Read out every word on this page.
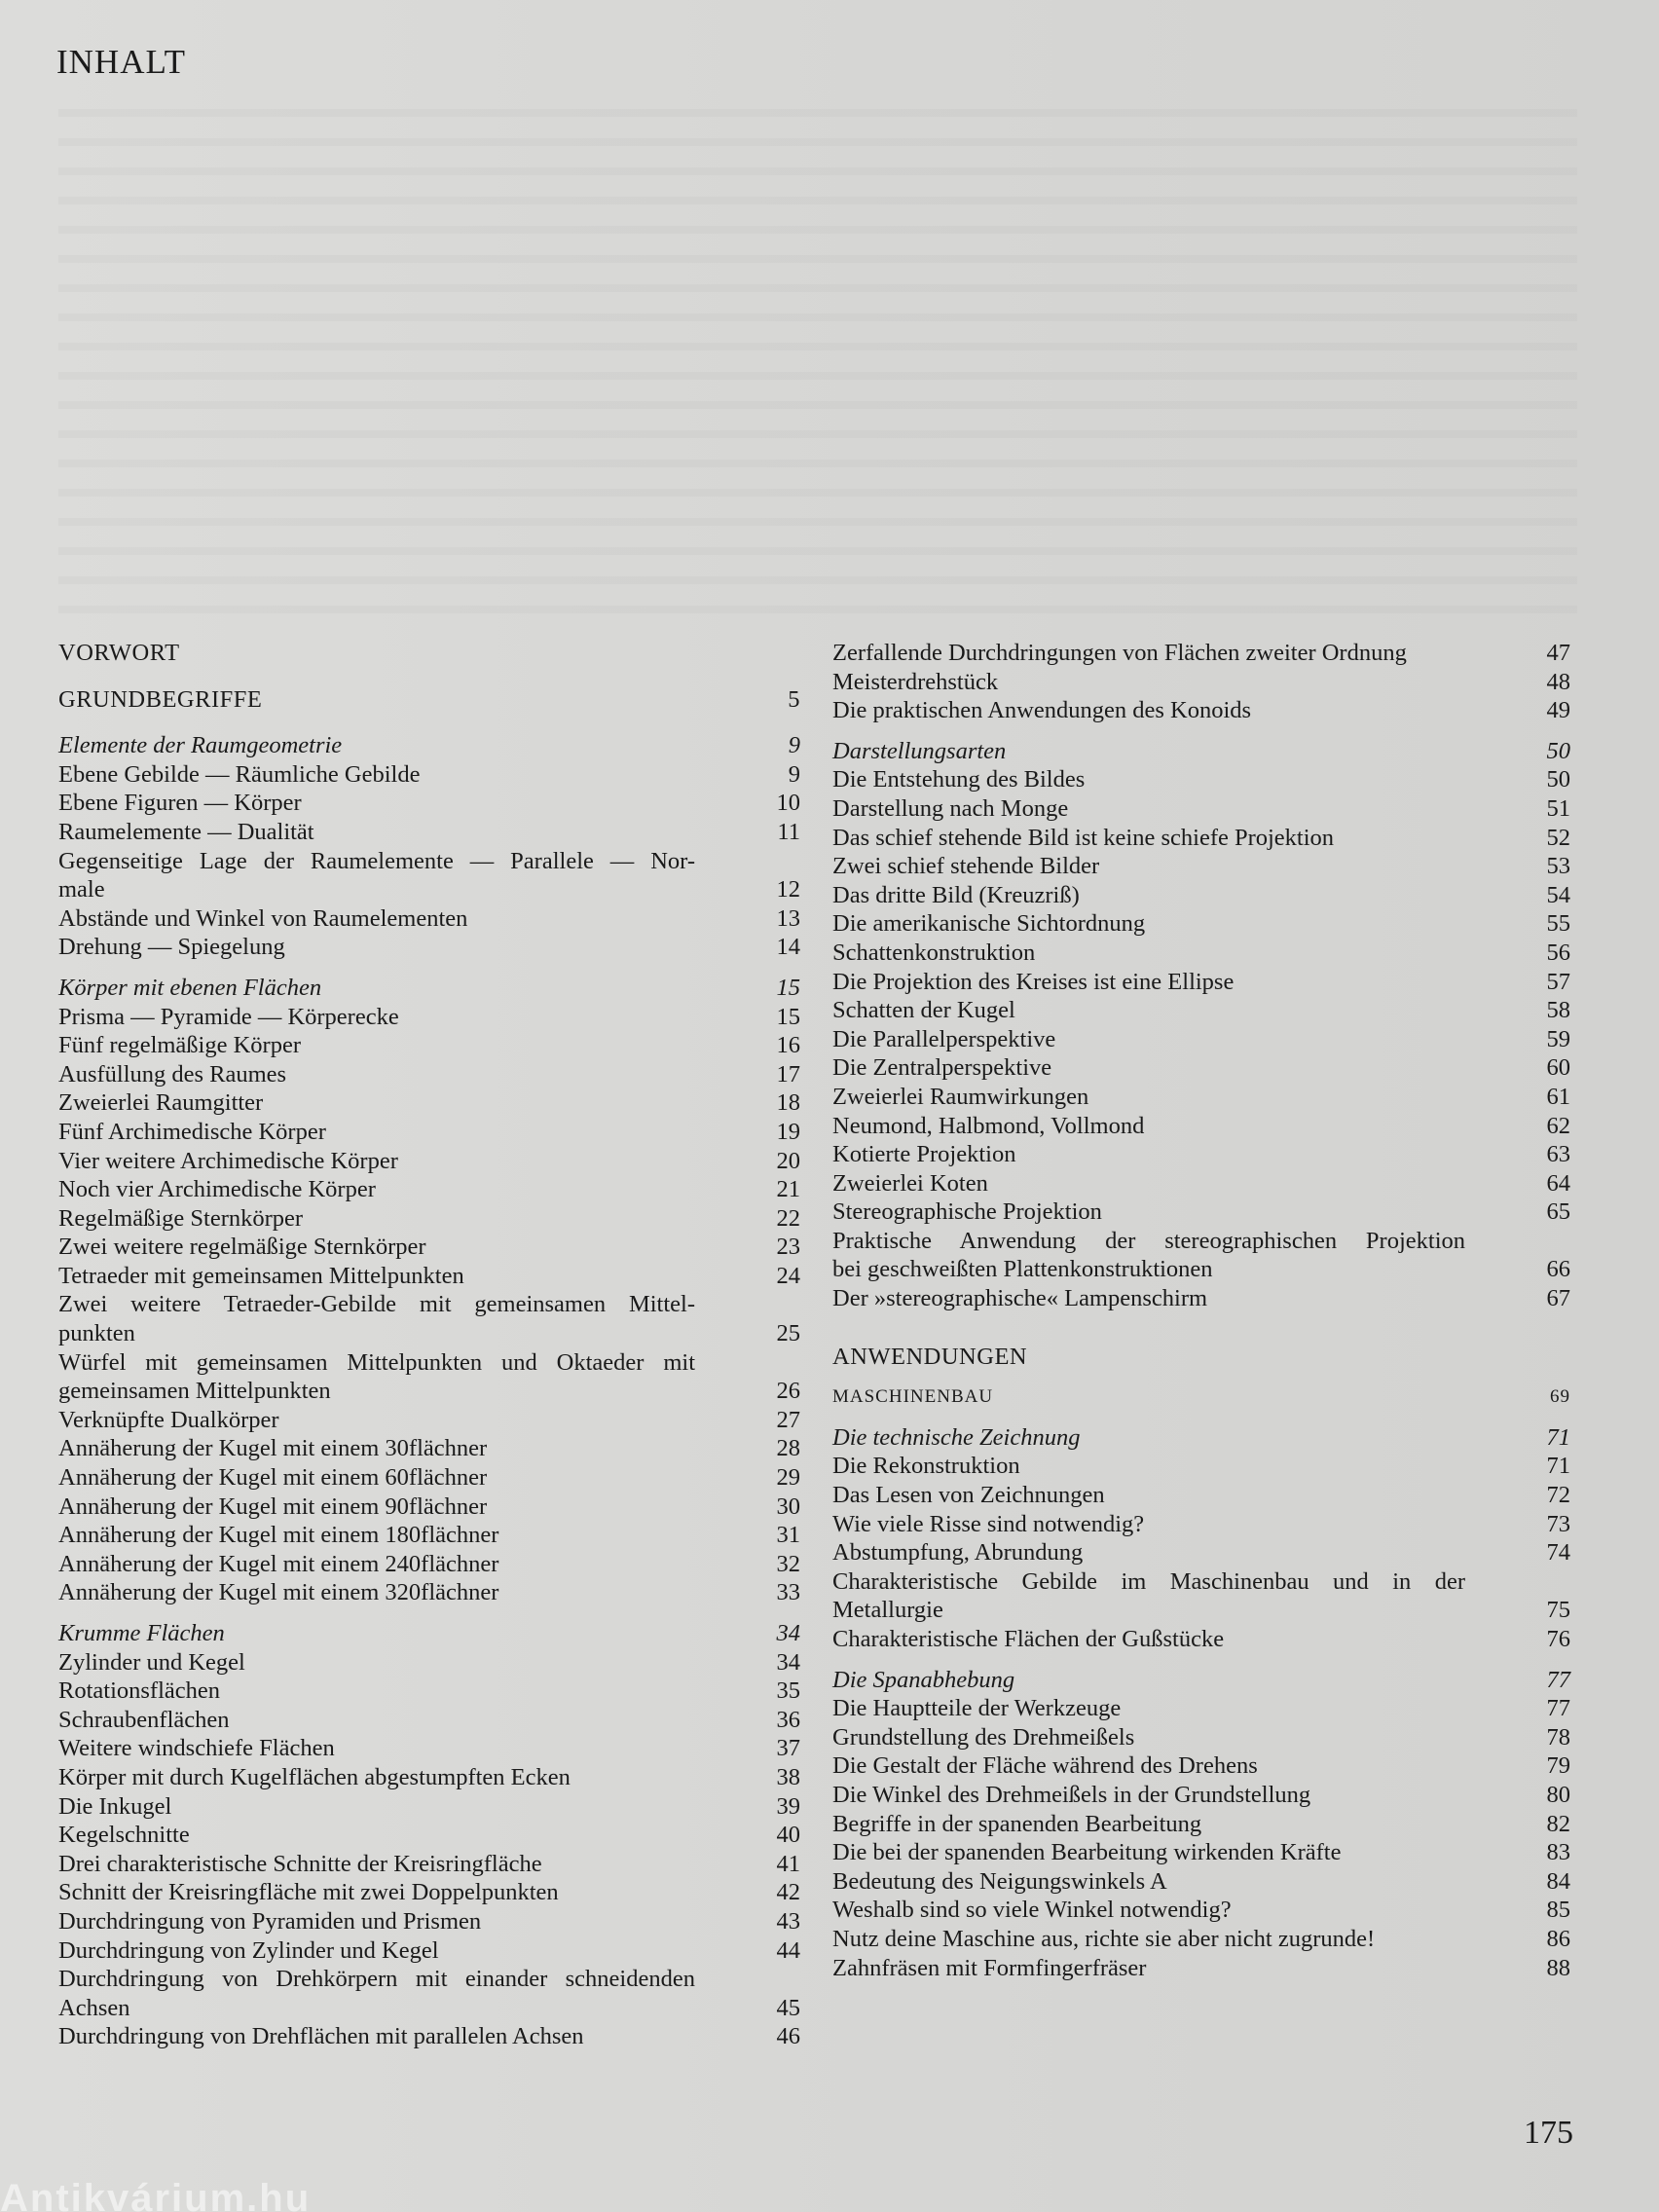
INHALT
VORWORT
GRUNDBEGRIFFE	5
Elemente der Raumgeometrie	9
Ebene Gebilde — Räumliche Gebilde	9
Ebene Figuren — Körper	10
Raumelemente — Dualität	11
Gegenseitige Lage der Raumelemente — Parallele — Nor-
male	12
Abstände und Winkel von Raumelementen	13
Drehung — Spiegelung	14
Körper mit ebenen Flächen	15
Prisma — Pyramide — Körperecke	15
Fünf regelmäßige Körper	16
Ausfüllung des Raumes	17
Zweierlei Raumgitter	18
Fünf Archimedische Körper	19
Vier weitere Archimedische Körper	20
Noch vier Archimedische Körper	21
Regelmäßige Sternkörper	22
Zwei weitere regelmäßige Sternkörper	23
Tetraeder mit gemeinsamen Mittelpunkten	24
Zwei weitere Tetraeder-Gebilde mit gemeinsamen Mittel-
punkten	25
Würfel mit gemeinsamen Mittelpunkten und Oktaeder mit
gemeinsamen Mittelpunkten	26
Verknüpfte Dualkörper	27
Annäherung der Kugel mit einem 30flächner	28
Annäherung der Kugel mit einem 60flächner	29
Annäherung der Kugel mit einem 90flächner	30
Annäherung der Kugel mit einem 180flächner	31
Annäherung der Kugel mit einem 240flächner	32
Annäherung der Kugel mit einem 320flächner	33
Krumme Flächen	34
Zylinder und Kegel	34
Rotationsflächen	35
Schraubenflächen	36
Weitere windschiefe Flächen	37
Körper mit durch Kugelflächen abgestumpften Ecken	38
Die Inkugel	39
Kegelschnitte	40
Drei charakteristische Schnitte der Kreisringfläche	41
Schnitt der Kreisringfläche mit zwei Doppelpunkten	42
Durchdringung von Pyramiden und Prismen	43
Durchdringung von Zylinder und Kegel	44
Durchdringung von Drehkörpern mit einander schneidenden
Achsen	45
Durchdringung von Drehflächen mit parallelen Achsen	46
Zerfallende Durchdringungen von Flächen zweiter Ordnung	47
Meisterdrehstück	48
Die praktischen Anwendungen des Konoids	49
Darstellungsarten	50
Die Entstehung des Bildes	50
Darstellung nach Monge	51
Das schief stehende Bild ist keine schiefe Projektion	52
Zwei schief stehende Bilder	53
Das dritte Bild (Kreuzriß)	54
Die amerikanische Sichtordnung	55
Schattenkonstruktion	56
Die Projektion des Kreises ist eine Ellipse	57
Schatten der Kugel	58
Die Parallelperspektive	59
Die Zentralperspektive	60
Zweierlei Raumwirkungen	61
Neumond, Halbmond, Vollmond	62
Kotierte Projektion	63
Zweierlei Koten	64
Stereographische Projektion	65
Praktische Anwendung der stereographischen Projektion
bei geschweißten Plattenkonstruktionen	66
Der »stereographische« Lampenschirm	67
ANWENDUNGEN
MASCHINENBAU	69
Die technische Zeichnung	71
Die Rekonstruktion	71
Das Lesen von Zeichnungen	72
Wie viele Risse sind notwendig?	73
Abstumpfung, Abrundung	74
Charakteristische Gebilde im Maschinenbau und in der
Metallurgie	75
Charakteristische Flächen der Gußstücke	76
Die Spanabhebung	77
Die Hauptteile der Werkzeuge	77
Grundstellung des Drehmeißels	78
Die Gestalt der Fläche während des Drehens	79
Die Winkel des Drehmeißels in der Grundstellung	80
Begriffe in der spanenden Bearbeitung	82
Die bei der spanenden Bearbeitung wirkenden Kräfte	83
Bedeutung des Neigungswinkels A	84
Weshalb sind so viele Winkel notwendig?	85
Nutz deine Maschine aus, richte sie aber nicht zugrunde!	86
Zahnfräsen mit Formfingerfräser	88
175
Antikvárium.hu
